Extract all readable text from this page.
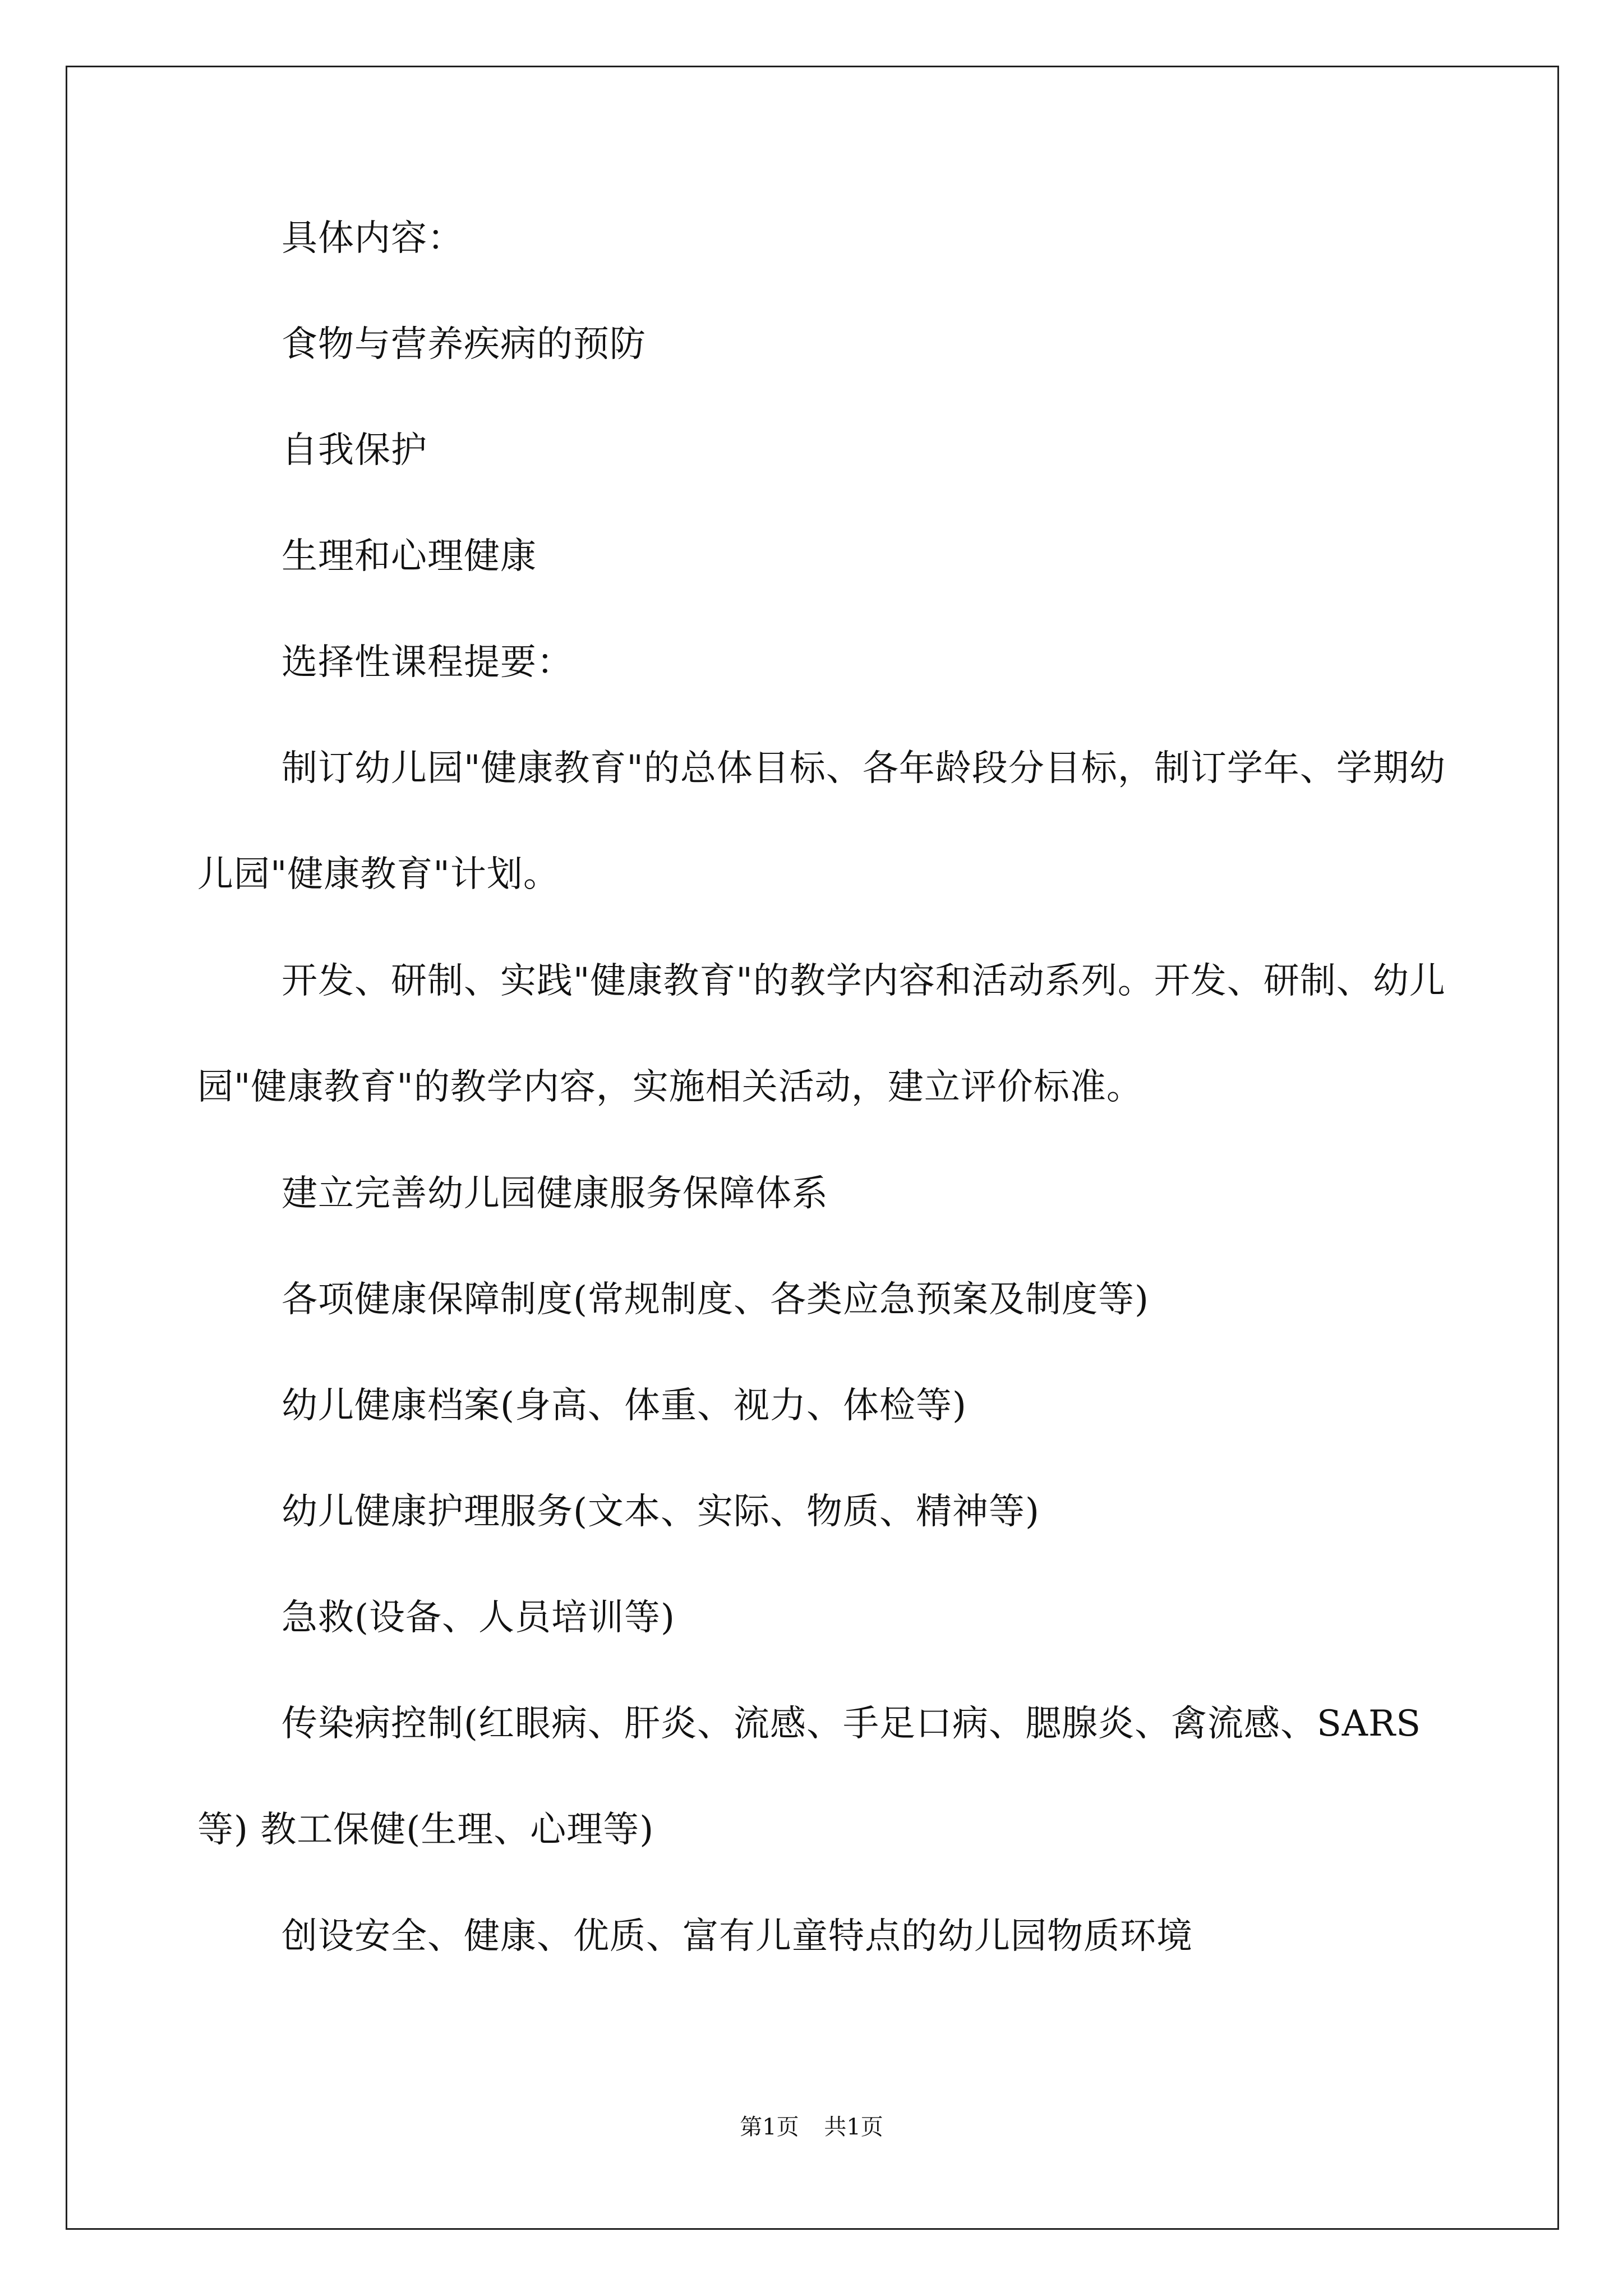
具体内容：

食物与营养疾病的预防

自我保护

生理和心理健康

选择性课程提要：

制订幼儿园"健康教育"的总体目标、各年龄段分目标，制订学年、学期幼儿园"健康教育"计划。

开发、研制、实践"健康教育"的教学内容和活动系列。开发、研制、幼儿园"健康教育"的教学内容，实施相关活动，建立评价标准。

建立完善幼儿园健康服务保障体系

各项健康保障制度(常规制度、各类应急预案及制度等)

幼儿健康档案(身高、体重、视力、体检等)

幼儿健康护理服务(文本、实际、物质、精神等)

急救(设备、人员培训等)

传染病控制(红眼病、肝炎、流感、手足口病、腮腺炎、禽流感、SARS 等) 教工保健(生理、心理等)

创设安全、健康、优质、富有儿童特点的幼儿园物质环境

第1页 共1页
